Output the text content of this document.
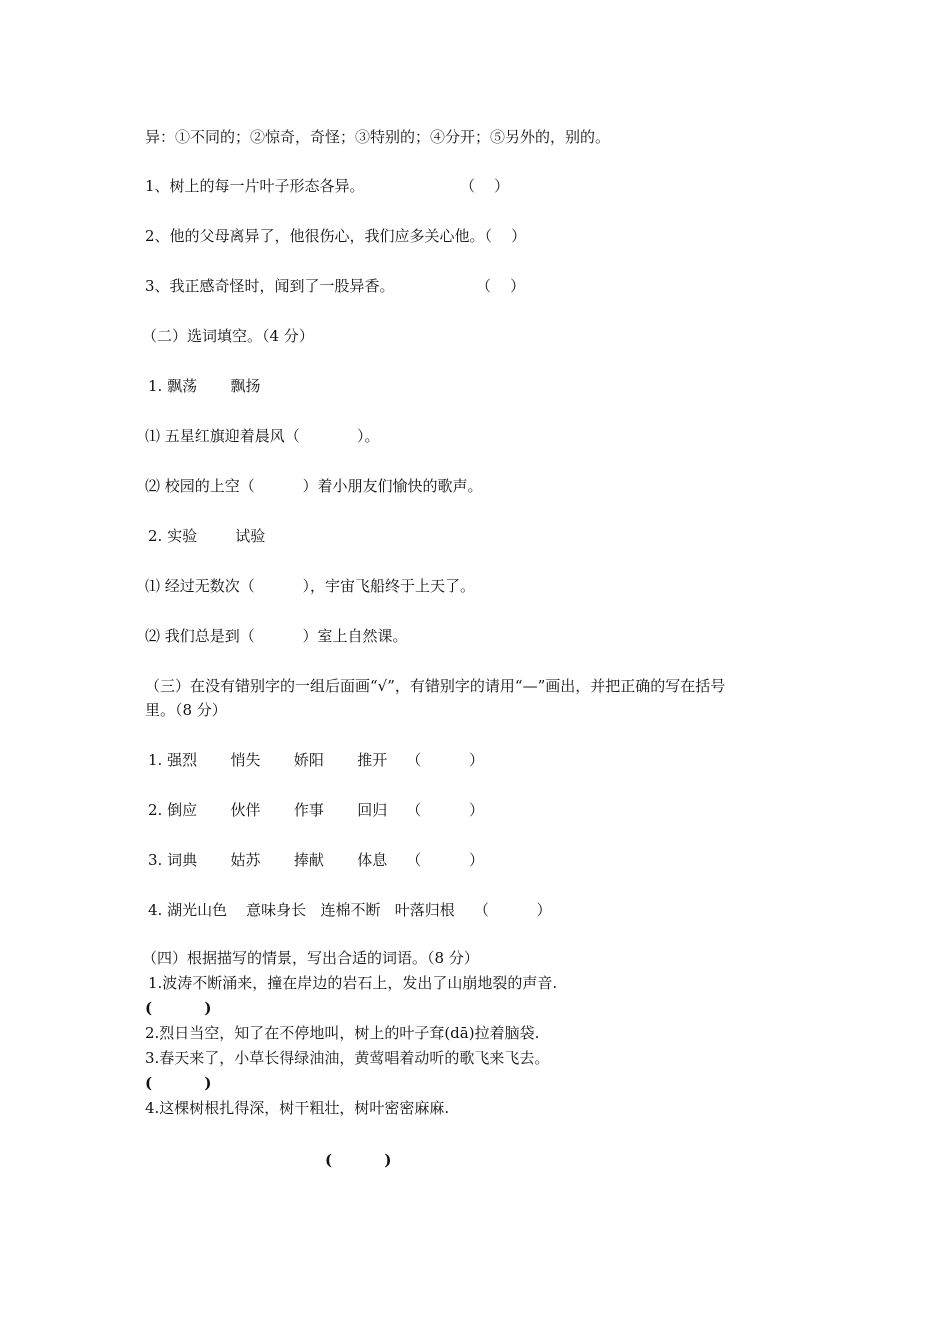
异：①不同的；②惊奇，奇怪；③特别的；④分开；⑤另外的，别的。
1、树上的每一片叶子形态各异。	（    ）
2、他的父母离异了，他很伤心，我们应多关心他。（    ）
3、我正感奇怪时，闻到了一股异香。	（    ）
（二）选词填空。（4 分）
1. 飘荡       飘扬
⑴ 五星红旗迎着晨风（            ）。
⑵ 校园的上空（          ）着小朋友们愉快的歌声。
2. 实验        试验
⑴ 经过无数次（          ），宇宙飞船终于上天了。
⑵ 我们总是到（          ）室上自然课。
（三）在没有错别字的一组后面画“√”，有错别字的请用“—”画出，并把正确的写在括号
里。（8 分）
1. 强烈       悄失       娇阳       推开    （          ）
2. 倒应       伙伴       作事       回归    （          ）
3. 词典       姑苏       捧献       体息    （          ）
4. 湖光山色    意味身长   连棉不断   叶落归根    （          ）
（四）根据描写的情景，写出合适的词语。（8 分）
1.波涛不断涌来，撞在岸边的岩石上，发出了山崩地裂的声音.
(          )
2.烈日当空，知了在不停地叫，树上的叶子耷(dā)拉着脑袋.
3.春天来了，小草长得绿油油，黄莺唱着动听的歌飞来飞去。
(          )
4.这棵树根扎得深，树干粗壮，树叶密密麻麻.
(          )
